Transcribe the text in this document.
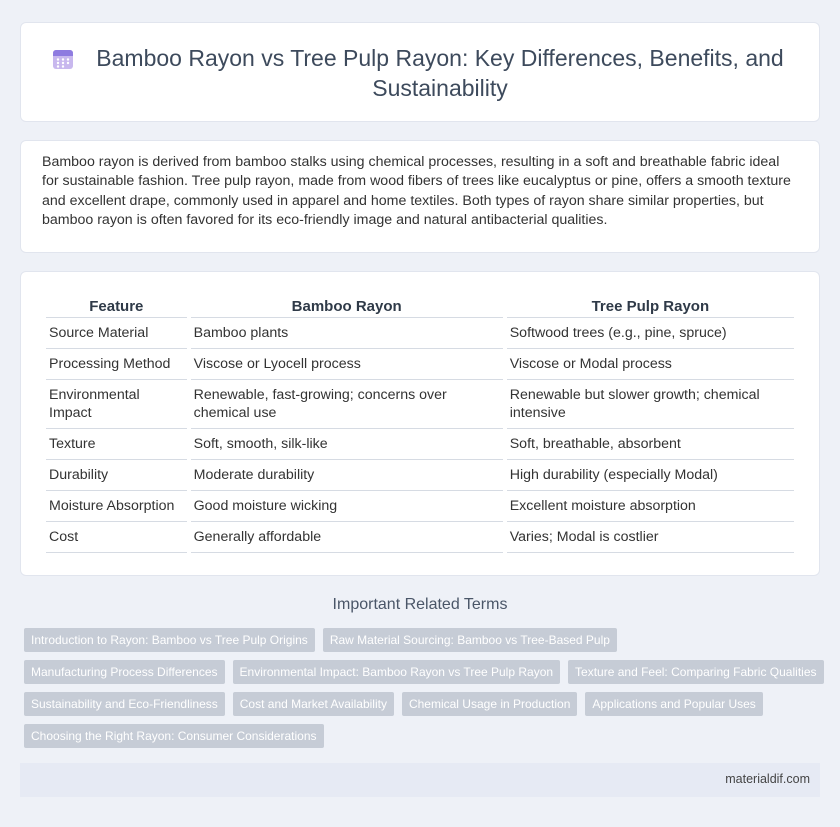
Bamboo Rayon vs Tree Pulp Rayon: Key Differences, Benefits, and Sustainability

Bamboo rayon is derived from bamboo stalks using chemical processes, resulting in a soft and breathable fabric ideal for sustainable fashion. Tree pulp rayon, made from wood fibers of trees like eucalyptus or pine, offers a smooth texture and excellent drape, commonly used in apparel and home textiles. Both types of rayon share similar properties, but bamboo rayon is often favored for its eco-friendly image and natural antibacterial qualities.

Feature	Bamboo Rayon	Tree Pulp Rayon
Source Material	Bamboo plants	Softwood trees (e.g., pine, spruce)
Processing Method	Viscose or Lyocell process	Viscose or Modal process
Environmental Impact	Renewable, fast-growing; concerns over chemical use	Renewable but slower growth; chemical intensive
Texture	Soft, smooth, silk-like	Soft, breathable, absorbent
Durability	Moderate durability	High durability (especially Modal)
Moisture Absorption	Good moisture wicking	Excellent moisture absorption
Cost	Generally affordable	Varies; Modal is costlier
Important Related Terms
Introduction to Rayon: Bamboo vs Tree Pulp Origins	Raw Material Sourcing: Bamboo vs Tree-Based Pulp
Manufacturing Process Differences	Environmental Impact: Bamboo Rayon vs Tree Pulp Rayon	Texture and Feel: Comparing Fabric Qualities
Sustainability and Eco-Friendliness	Cost and Market Availability	Chemical Usage in Production	Applications and Popular Uses
Choosing the Right Rayon: Consumer Considerations
materialdif.com
